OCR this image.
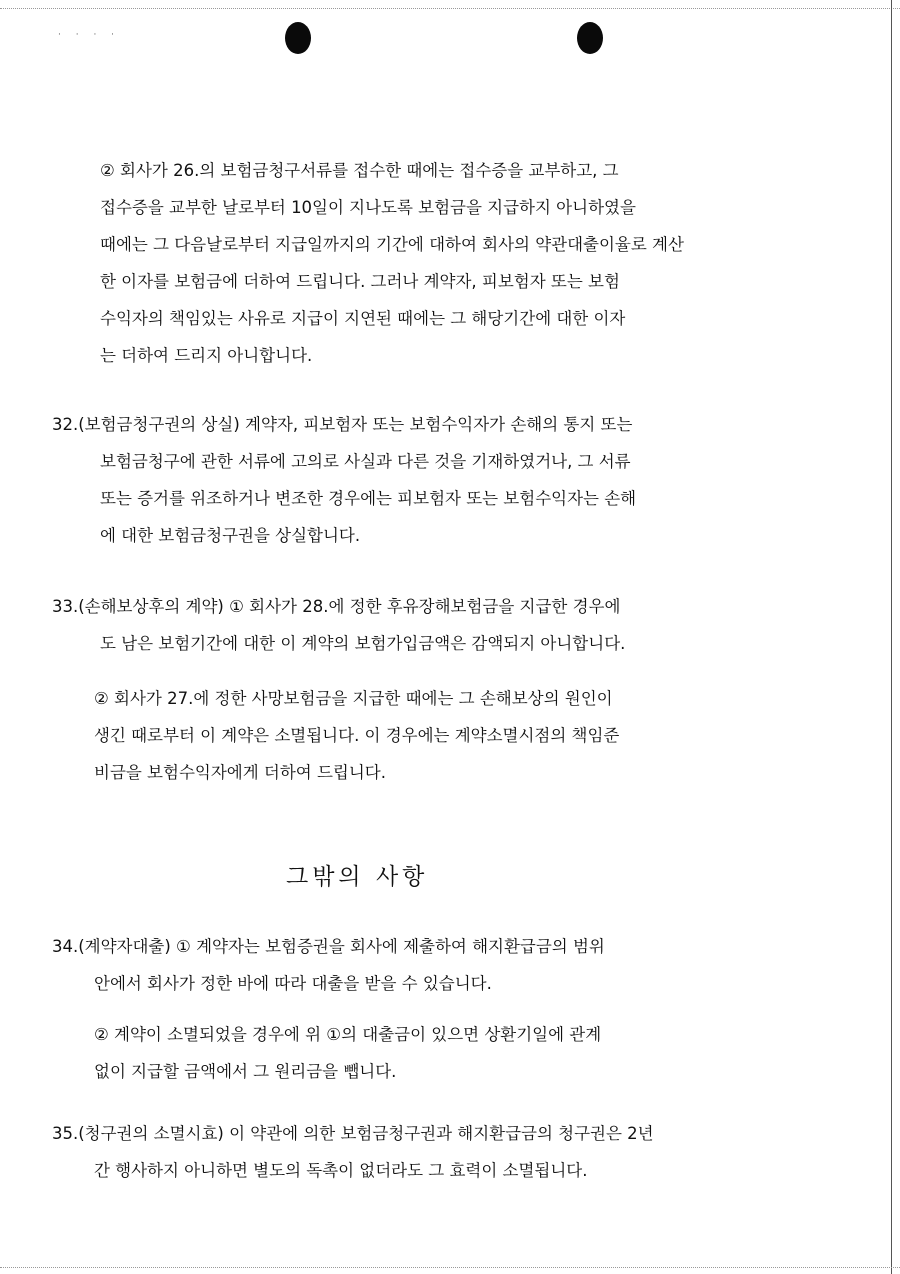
· · · ·
② 회사가 26.의 보험금청구서류를 접수한 때에는 접수증을 교부하고, 그
접수증을 교부한 날로부터 10일이 지나도록 보험금을 지급하지 아니하였을
때에는 그 다음날로부터 지급일까지의 기간에 대하여 회사의 약관대출이율로 계산
한 이자를 보험금에 더하여 드립니다. 그러나 계약자, 피보험자 또는 보험
수익자의 책임있는 사유로 지급이 지연된 때에는 그 해당기간에 대한 이자
는 더하여 드리지 아니합니다.
32.(보험금청구권의 상실) 계약자, 피보험자 또는 보험수익자가 손해의 통지 또는
보험금청구에 관한 서류에 고의로 사실과 다른 것을 기재하였거나, 그 서류
또는 증거를 위조하거나 변조한 경우에는 피보험자 또는 보험수익자는 손해
에 대한 보험금청구권을 상실합니다.
33.(손해보상후의 계약) ① 회사가 28.에 정한 후유장해보험금을 지급한 경우에
도 남은 보험기간에 대한 이 계약의 보험가입금액은 감액되지 아니합니다.
② 회사가 27.에 정한 사망보험금을 지급한 때에는 그 손해보상의 원인이
생긴 때로부터 이 계약은 소멸됩니다. 이 경우에는 계약소멸시점의 책임준
비금을 보험수익자에게 더하여 드립니다.
그밖의 사항
34.(계약자대출) ① 계약자는 보험증권을 회사에 제출하여 해지환급금의 범위
안에서 회사가 정한 바에 따라 대출을 받을 수 있습니다.
② 계약이 소멸되었을 경우에 위 ①의 대출금이 있으면 상환기일에 관계
없이 지급할 금액에서 그 원리금을 뺍니다.
35.(청구권의 소멸시효) 이 약관에 의한 보험금청구권과 해지환급금의 청구권은 2년
간 행사하지 아니하면 별도의 독촉이 없더라도 그 효력이 소멸됩니다.
